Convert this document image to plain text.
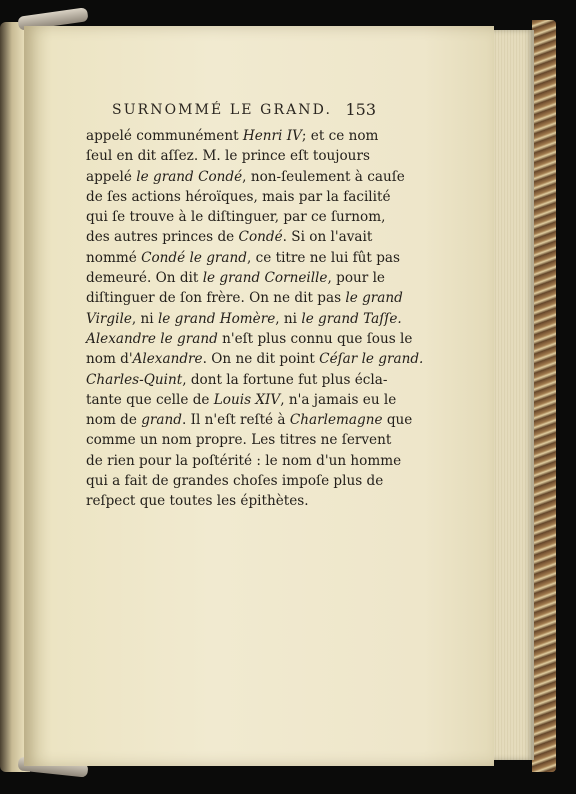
SURNOMMÉ LE GRAND. 153
appelé communément Henri IV; et ce nom
ſeul en dit aſſez. M. le prince eſt toujours
appelé le grand Condé, non-ſeulement à cauſe
de ſes actions héroïques, mais par la facilité
qui ſe trouve à le diſtinguer, par ce ſurnom,
des autres princes de Condé. Si on l'avait
nommé Condé le grand, ce titre ne lui fût pas
demeuré. On dit le grand Corneille, pour le
diſtinguer de ſon frère. On ne dit pas le grand
Virgile, ni le grand Homère, ni le grand Taſſe.
Alexandre le grand n'eſt plus connu que ſous le
nom d'Alexandre. On ne dit point Céſar le grand.
Charles-Quint, dont la fortune fut plus écla-
tante que celle de Louis XIV, n'a jamais eu le
nom de grand. Il n'eſt reſté à Charlemagne que
comme un nom propre. Les titres ne ſervent
de rien pour la poſtérité : le nom d'un homme
qui a fait de grandes choſes impoſe plus de
reſpect que toutes les épithètes.
